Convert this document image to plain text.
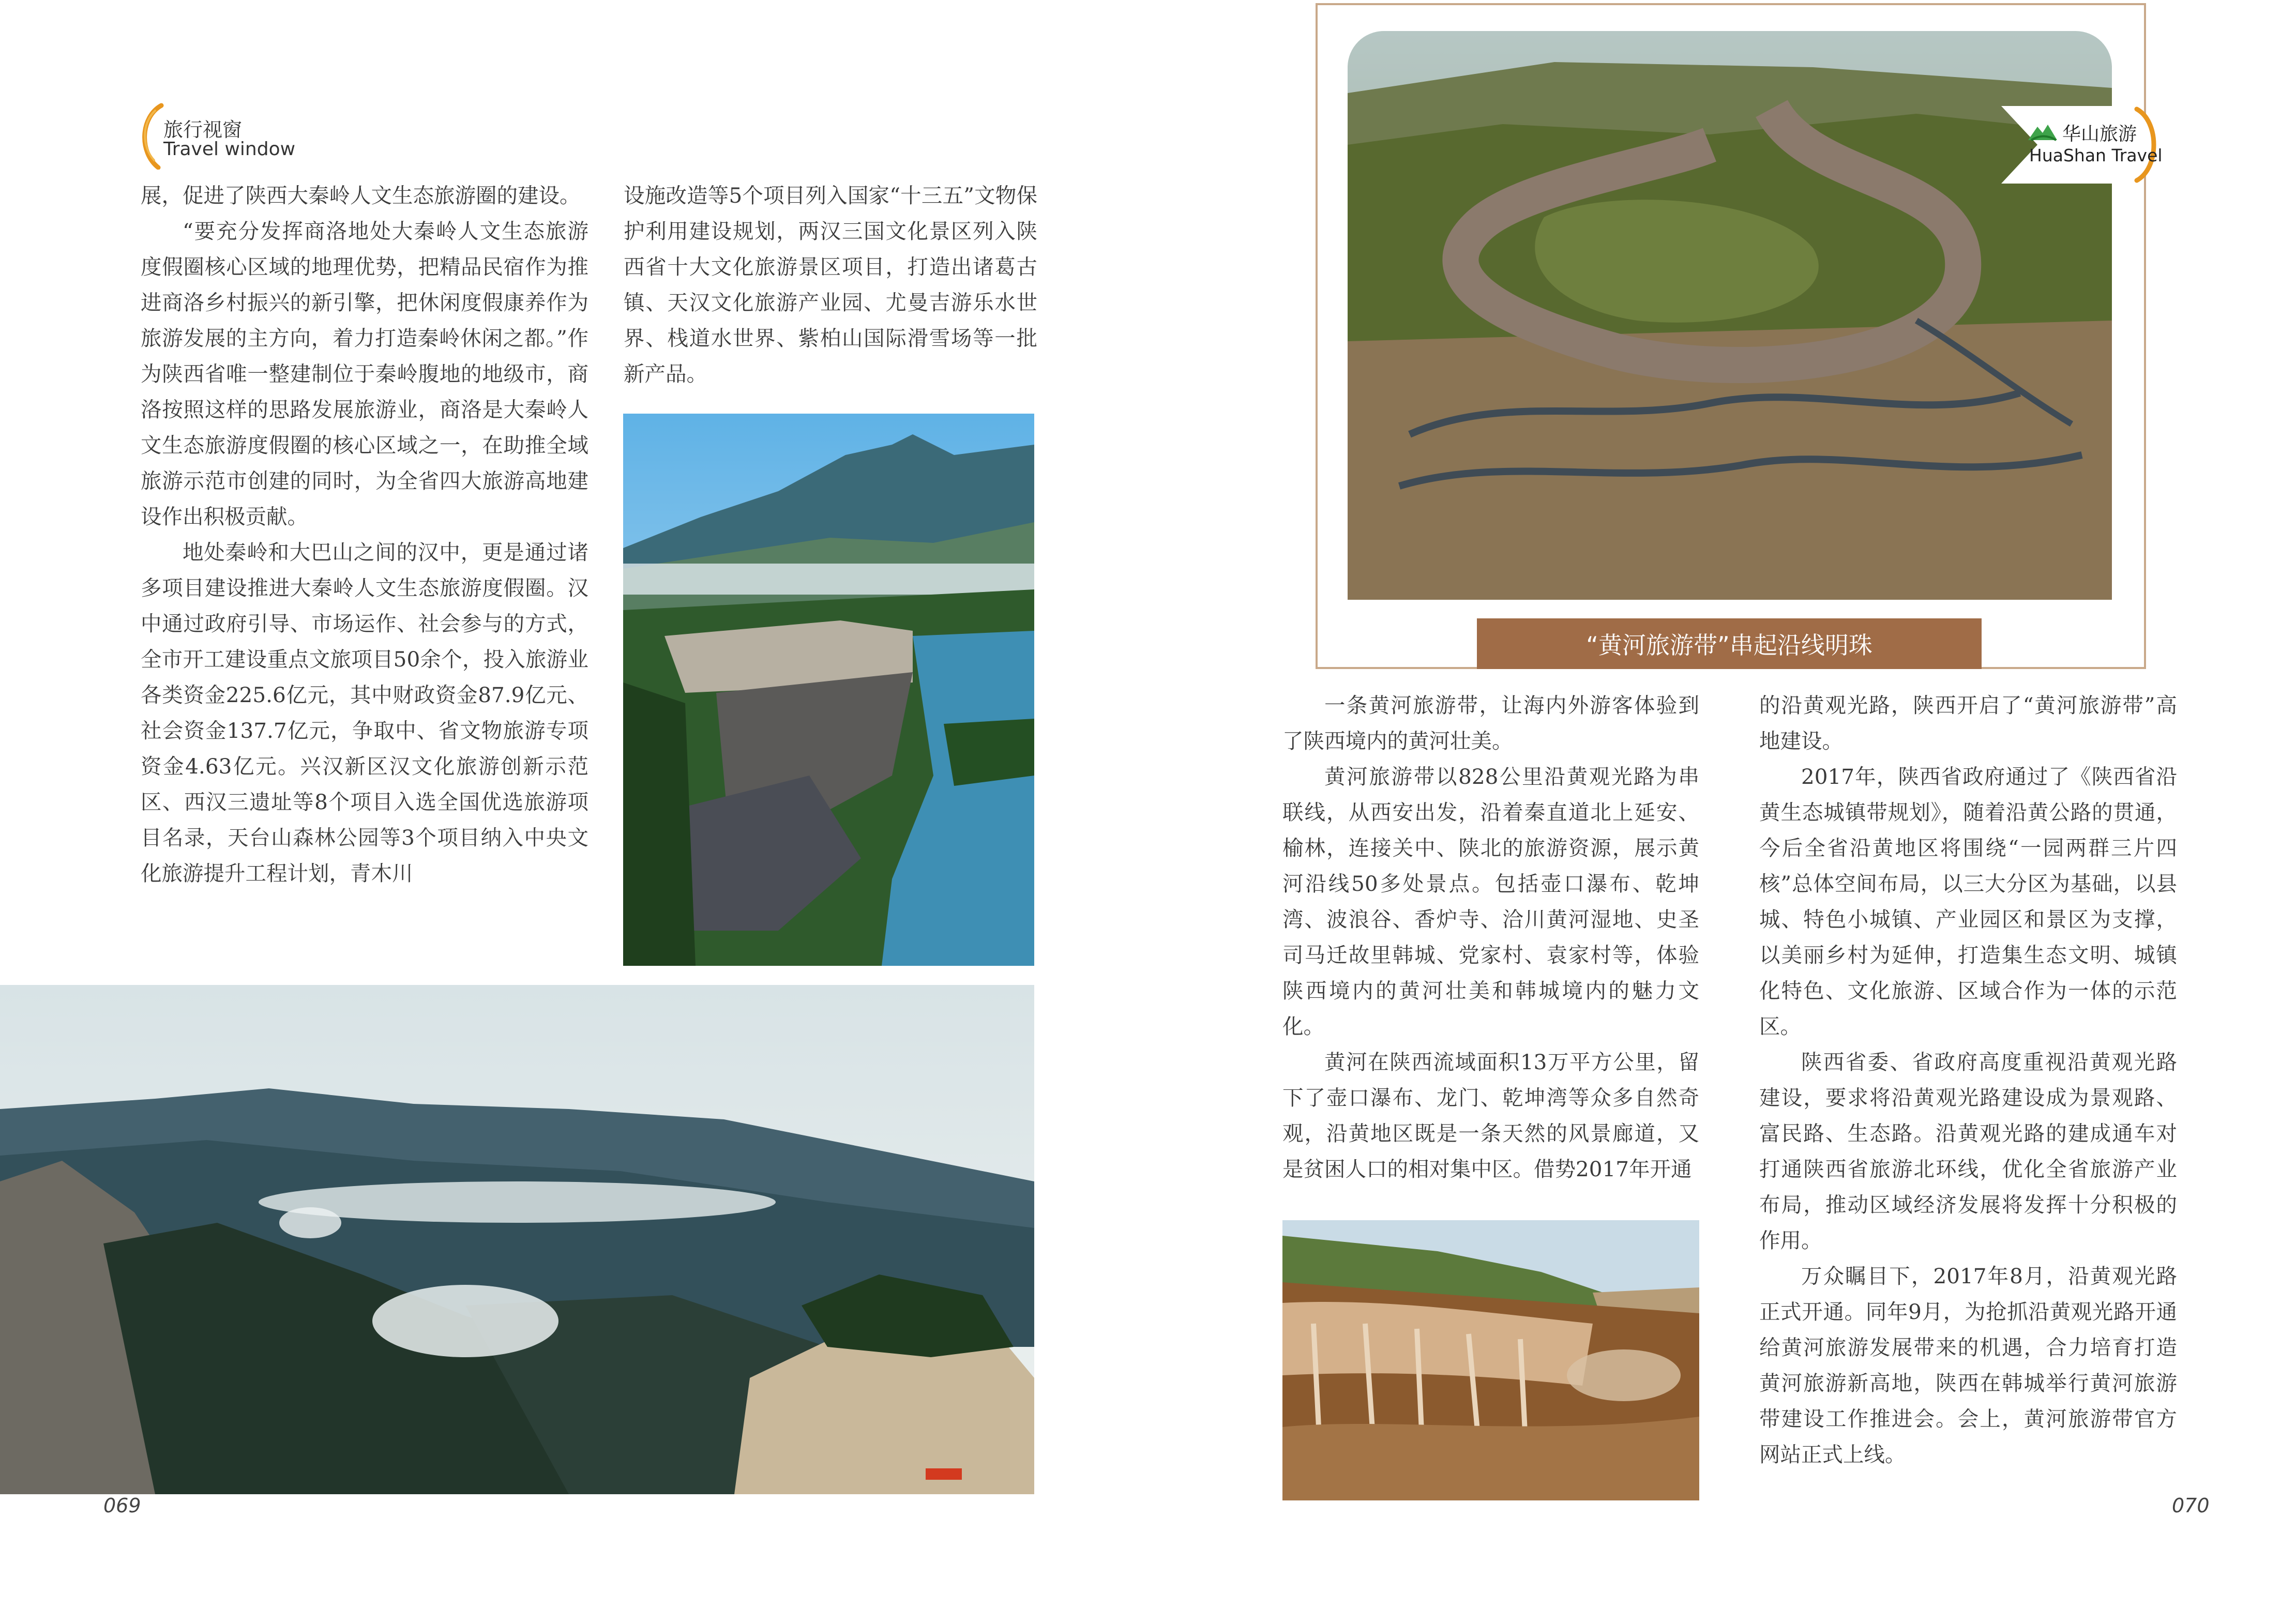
旅行视窗
Travel window

展，促进了陕西大秦岭人文生态旅游圈的建设。

“要充分发挥商洛地处大秦岭人文生态旅游度假圈核心区域的地理优势，把精品民宿作为推进商洛乡村振兴的新引擎，把休闲度假康养作为旅游发展的主方向，着力打造秦岭休闲之都。”作为陕西省唯一整建制位于秦岭腹地的地级市，商洛按照这样的思路发展旅游业，商洛是大秦岭人文生态旅游度假圈的核心区域之一，在助推全域旅游示范市创建的同时，为全省四大旅游高地建设作出积极贡献。

地处秦岭和大巴山之间的汉中，更是通过诸多项目建设推进大秦岭人文生态旅游度假圈。汉中通过政府引导、市场运作、社会参与的方式，全市开工建设重点文旅项目50余个，投入旅游业各类资金225.6亿元，其中财政资金87.9亿元、社会资金137.7亿元，争取中、省文物旅游专项资金4.63亿元。兴汉新区汉文化旅游创新示范区、西汉三遗址等8个项目入选全国优选旅游项目名录，天台山森林公园等3个项目纳入中央文化旅游提升工程计划，青木川

设施改造等5个项目列入国家“十三五”文物保护利用建设规划，两汉三国文化景区列入陕西省十大文化旅游景区项目，打造出诸葛古镇、天汉文化旅游产业园、尤曼吉游乐水世界、栈道水世界、紫柏山国际滑雪场等一批新产品。

069
华山旅游
HuaShan Travel
“黄河旅游带”串起沿线明珠

一条黄河旅游带，让海内外游客体验到了陕西境内的黄河壮美。

黄河旅游带以828公里沿黄观光路为串联线，从西安出发，沿着秦直道北上延安、榆林，连接关中、陕北的旅游资源，展示黄河沿线50多处景点。包括壶口瀑布、乾坤湾、波浪谷、香炉寺、洽川黄河湿地、史圣司马迁故里韩城、党家村、袁家村等，体验陕西境内的黄河壮美和韩城境内的魅力文化。

黄河在陕西流域面积13万平方公里，留下了壶口瀑布、龙门、乾坤湾等众多自然奇观，沿黄地区既是一条天然的风景廊道，又是贫困人口的相对集中区。借势2017年开通

的沿黄观光路，陕西开启了“黄河旅游带”高地建设。

2017年，陕西省政府通过了《陕西省沿黄生态城镇带规划》，随着沿黄公路的贯通，今后全省沿黄地区将围绕“一园两群三片四核”总体空间布局，以三大分区为基础，以县城、特色小城镇、产业园区和景区为支撑，以美丽乡村为延伸，打造集生态文明、城镇化特色、文化旅游、区域合作为一体的示范区。

陕西省委、省政府高度重视沿黄观光路建设，要求将沿黄观光路建设成为景观路、富民路、生态路。沿黄观光路的建成通车对打通陕西省旅游北环线，优化全省旅游产业布局，推动区域经济发展将发挥十分积极的作用。

万众瞩目下，2017年8月，沿黄观光路正式开通。同年9月，为抢抓沿黄观光路开通给黄河旅游发展带来的机遇，合力培育打造黄河旅游新高地，陕西在韩城举行黄河旅游带建设工作推进会。会上，黄河旅游带官方网站正式上线。

070
